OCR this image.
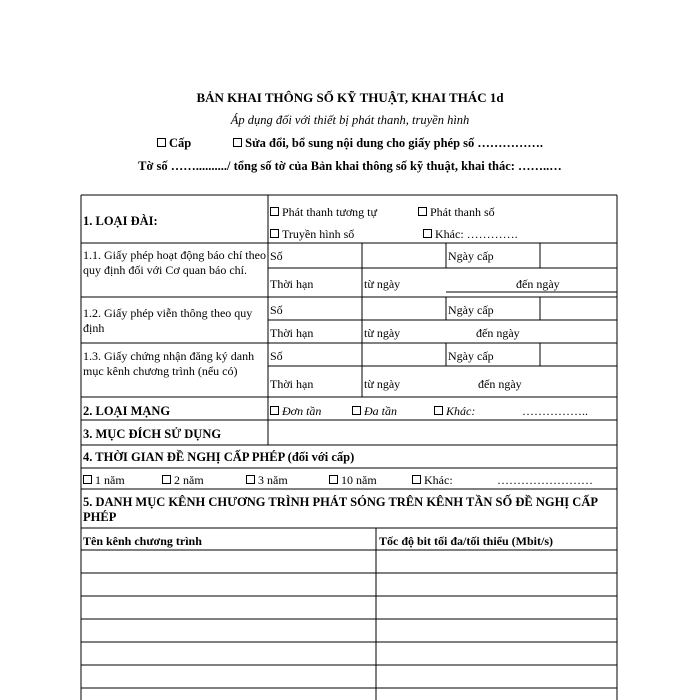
BẢN KHAI THÔNG SỐ KỸ THUẬT, KHAI THÁC 1d
Áp dụng đối với thiết bị phát thanh, truyền hình
Cấp	Sửa đổi, bổ sung nội dung cho giấy phép số …………….
Tờ số ……........../ tổng số tờ của Bản khai thông số kỹ thuật, khai thác: ……..…
1. LOẠI ĐÀI:
Phát thanh tương tự	Phát thanh số
Truyền hình số	Khác: ………….
1.1. Giấy phép hoạt động báo chí theo quy định đối với Cơ quan báo chí.
Số	Ngày cấp
Thời hạn	từ ngày	đến ngày
1.2. Giấy phép viễn thông theo quy định
Số	Ngày cấp
Thời hạn	từ ngày	đến ngày
1.3. Giấy chứng nhận đăng ký danh mục kênh chương trình (nếu có)
Số	Ngày cấp
Thời hạn	từ ngày	đến ngày
2. LOẠI MẠNG	Đơn tần	Đa tần	Khác:	……………..
3. MỤC ĐÍCH SỬ DỤNG
4. THỜI GIAN ĐỀ NGHỊ CẤP PHÉP (đối với cấp)
1 năm	2 năm	3 năm	10 năm	Khác:	……………………
5. DANH MỤC KÊNH CHƯƠNG TRÌNH PHÁT SÓNG TRÊN KÊNH TẦN SỐ ĐỀ NGHỊ CẤP PHÉP
Tên kênh chương trình	Tốc độ bit tối đa/tối thiểu (Mbit/s)
